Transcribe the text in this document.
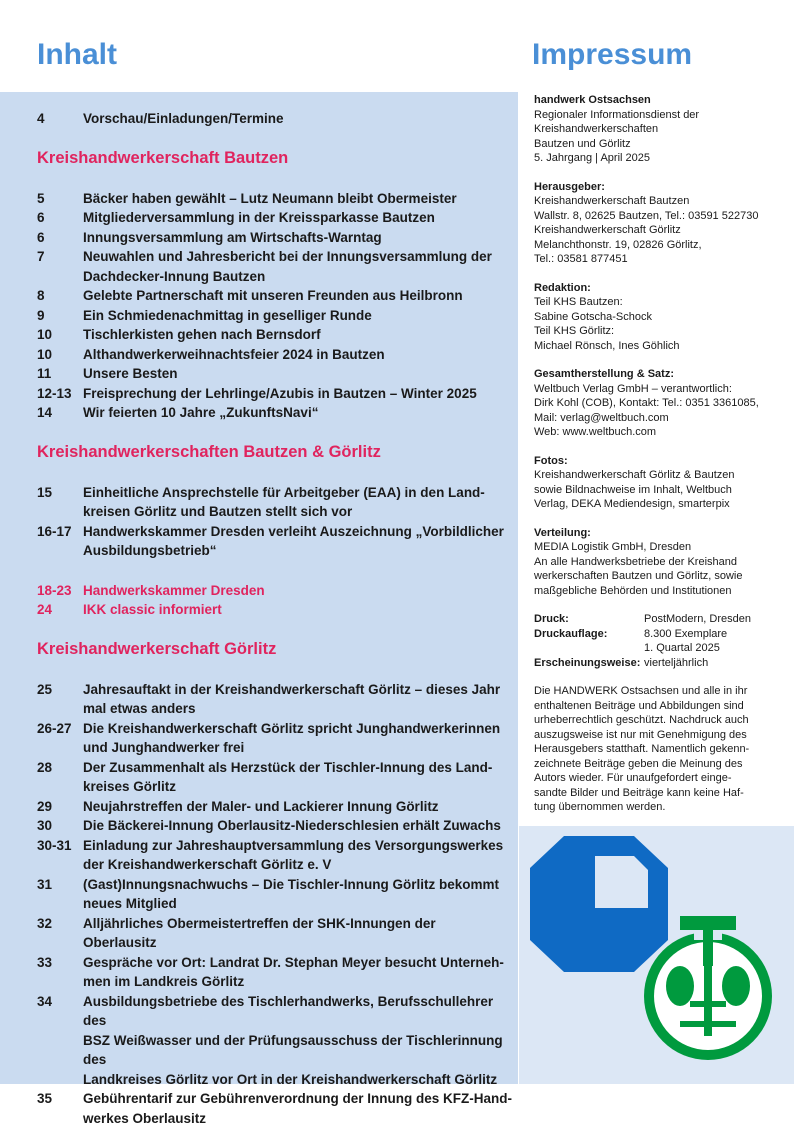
Inhalt	Impressum
4	Vorschau/Einladungen/Termine
Kreishandwerkerschaft Bautzen
5	Bäcker haben gewählt – Lutz Neumann bleibt Obermeister
6	Mitgliederversammlung in der Kreissparkasse Bautzen
6	Innungsversammlung am Wirtschafts-Warntag
7	Neuwahlen und Jahresbericht bei der Innungsversammlung der
Dachdecker-Innung Bautzen
8	Gelebte Partnerschaft mit unseren Freunden aus Heilbronn
9	Ein Schmiedenachmittag in geselliger Runde
10	Tischlerkisten gehen nach Bernsdorf
10	Althandwerkerweihnachtsfeier 2024 in Bautzen
11	Unsere Besten
12-13 Freisprechung der Lehrlinge/Azubis in Bautzen – Winter 2025
14	Wir feierten 10 Jahre „ZukunftsNavi“
Kreishandwerkerschaften Bautzen & Görlitz
15	Einheitliche Ansprechstelle für Arbeitgeber (EAA) in den Land-
kreisen Görlitz und Bautzen stellt sich vor
16-17 Handwerkskammer Dresden verleiht Auszeichnung „Vorbildlicher
Ausbildungsbetrieb“
18-23 Handwerkskammer Dresden
24	IKK classic informiert
Kreishandwerkerschaft Görlitz
25	Jahresauftakt in der Kreishandwerkerschaft Görlitz – dieses Jahr
mal etwas anders
26-27 Die Kreishandwerkerschaft Görlitz spricht Junghandwerkerinnen
und Junghandwerker frei
28	Der Zusammenhalt als Herzstück der Tischler-Innung des Land-
kreises Görlitz
29	Neujahrstreffen der Maler- und Lackierer Innung Görlitz
30	Die Bäckerei-Innung Oberlausitz-Niederschlesien erhält Zuwachs
30-31 Einladung zur Jahreshauptversammlung des Versorgungswerkes
der Kreishandwerkerschaft Görlitz e. V
31	(Gast)Innungsnachwuchs – Die Tischler-Innung Görlitz bekommt
neues Mitglied
32	Alljährliches Obermeistertreffen der SHK-Innungen der Oberlausitz
33	Gespräche vor Ort: Landrat Dr. Stephan Meyer besucht Unterneh-
men im Landkreis Görlitz
34	Ausbildungsbetriebe des Tischlerhandwerks, Berufsschullehrer des
BSZ Weißwasser und der Prüfungsausschuss der Tischlerinnung des
Landkreises Görlitz vor Ort in der Kreishandwerkerschaft Görlitz
35	Gebührentarif zur Gebührenverordnung der Innung des KFZ-Hand-
werkes Oberlausitz

handwerk Ostsachsen

Regionaler Informationsdienst der

Kreishandwerkerschaften

Bautzen und Görlitz

5. Jahrgang | April 2025

Herausgeber:

Kreishandwerkerschaft Bautzen

Wallstr. 8, 02625 Bautzen, Tel.: 03591 522730

Kreishandwerkerschaft Görlitz

Melanchthonstr. 19, 02826 Görlitz,

Tel.: 03581 877451

Redaktion:

Teil KHS Bautzen:

Sabine Gotscha-Schock

Teil KHS Görlitz:

Michael Rönsch, Ines Göhlich

Gesamtherstellung & Satz:

Weltbuch Verlag GmbH – verantwortlich:

Dirk Kohl (COB), Kontakt: Tel.: 0351 3361085,

Mail: verlag@weltbuch.com

Web: www.weltbuch.com

Fotos:

Kreishandwerkerschaft Görlitz & Bautzen

sowie Bildnachweise im Inhalt, Weltbuch

Verlag, DEKA Mediendesign, smarterpix

Verteilung:

MEDIA Logistik GmbH, Dresden

An alle Handwerksbetriebe der Kreishand

werkerschaften Bautzen und Görlitz, sowie

maßgebliche Behörden und Institutionen

Druck:	PostModern, Dresden
Druckauflage:	8.300 Exemplare
1. Quartal 2025
Erscheinungsweise: vierteljährlich

Die HANDWERK Ostsachsen und alle in ihr

enthaltenen Beiträge und Abbildungen sind

urheberrechtlich geschützt. Nachdruck auch

auszugsweise ist nur mit Genehmigung des

Herausgebers statthaft. Namentlich gekenn-

zeichnete Beiträge geben die Meinung des

Autors wieder. Für unaufgefordert einge-

sandte Bilder und Beiträge kann keine Haf-

tung übernommen werden.
